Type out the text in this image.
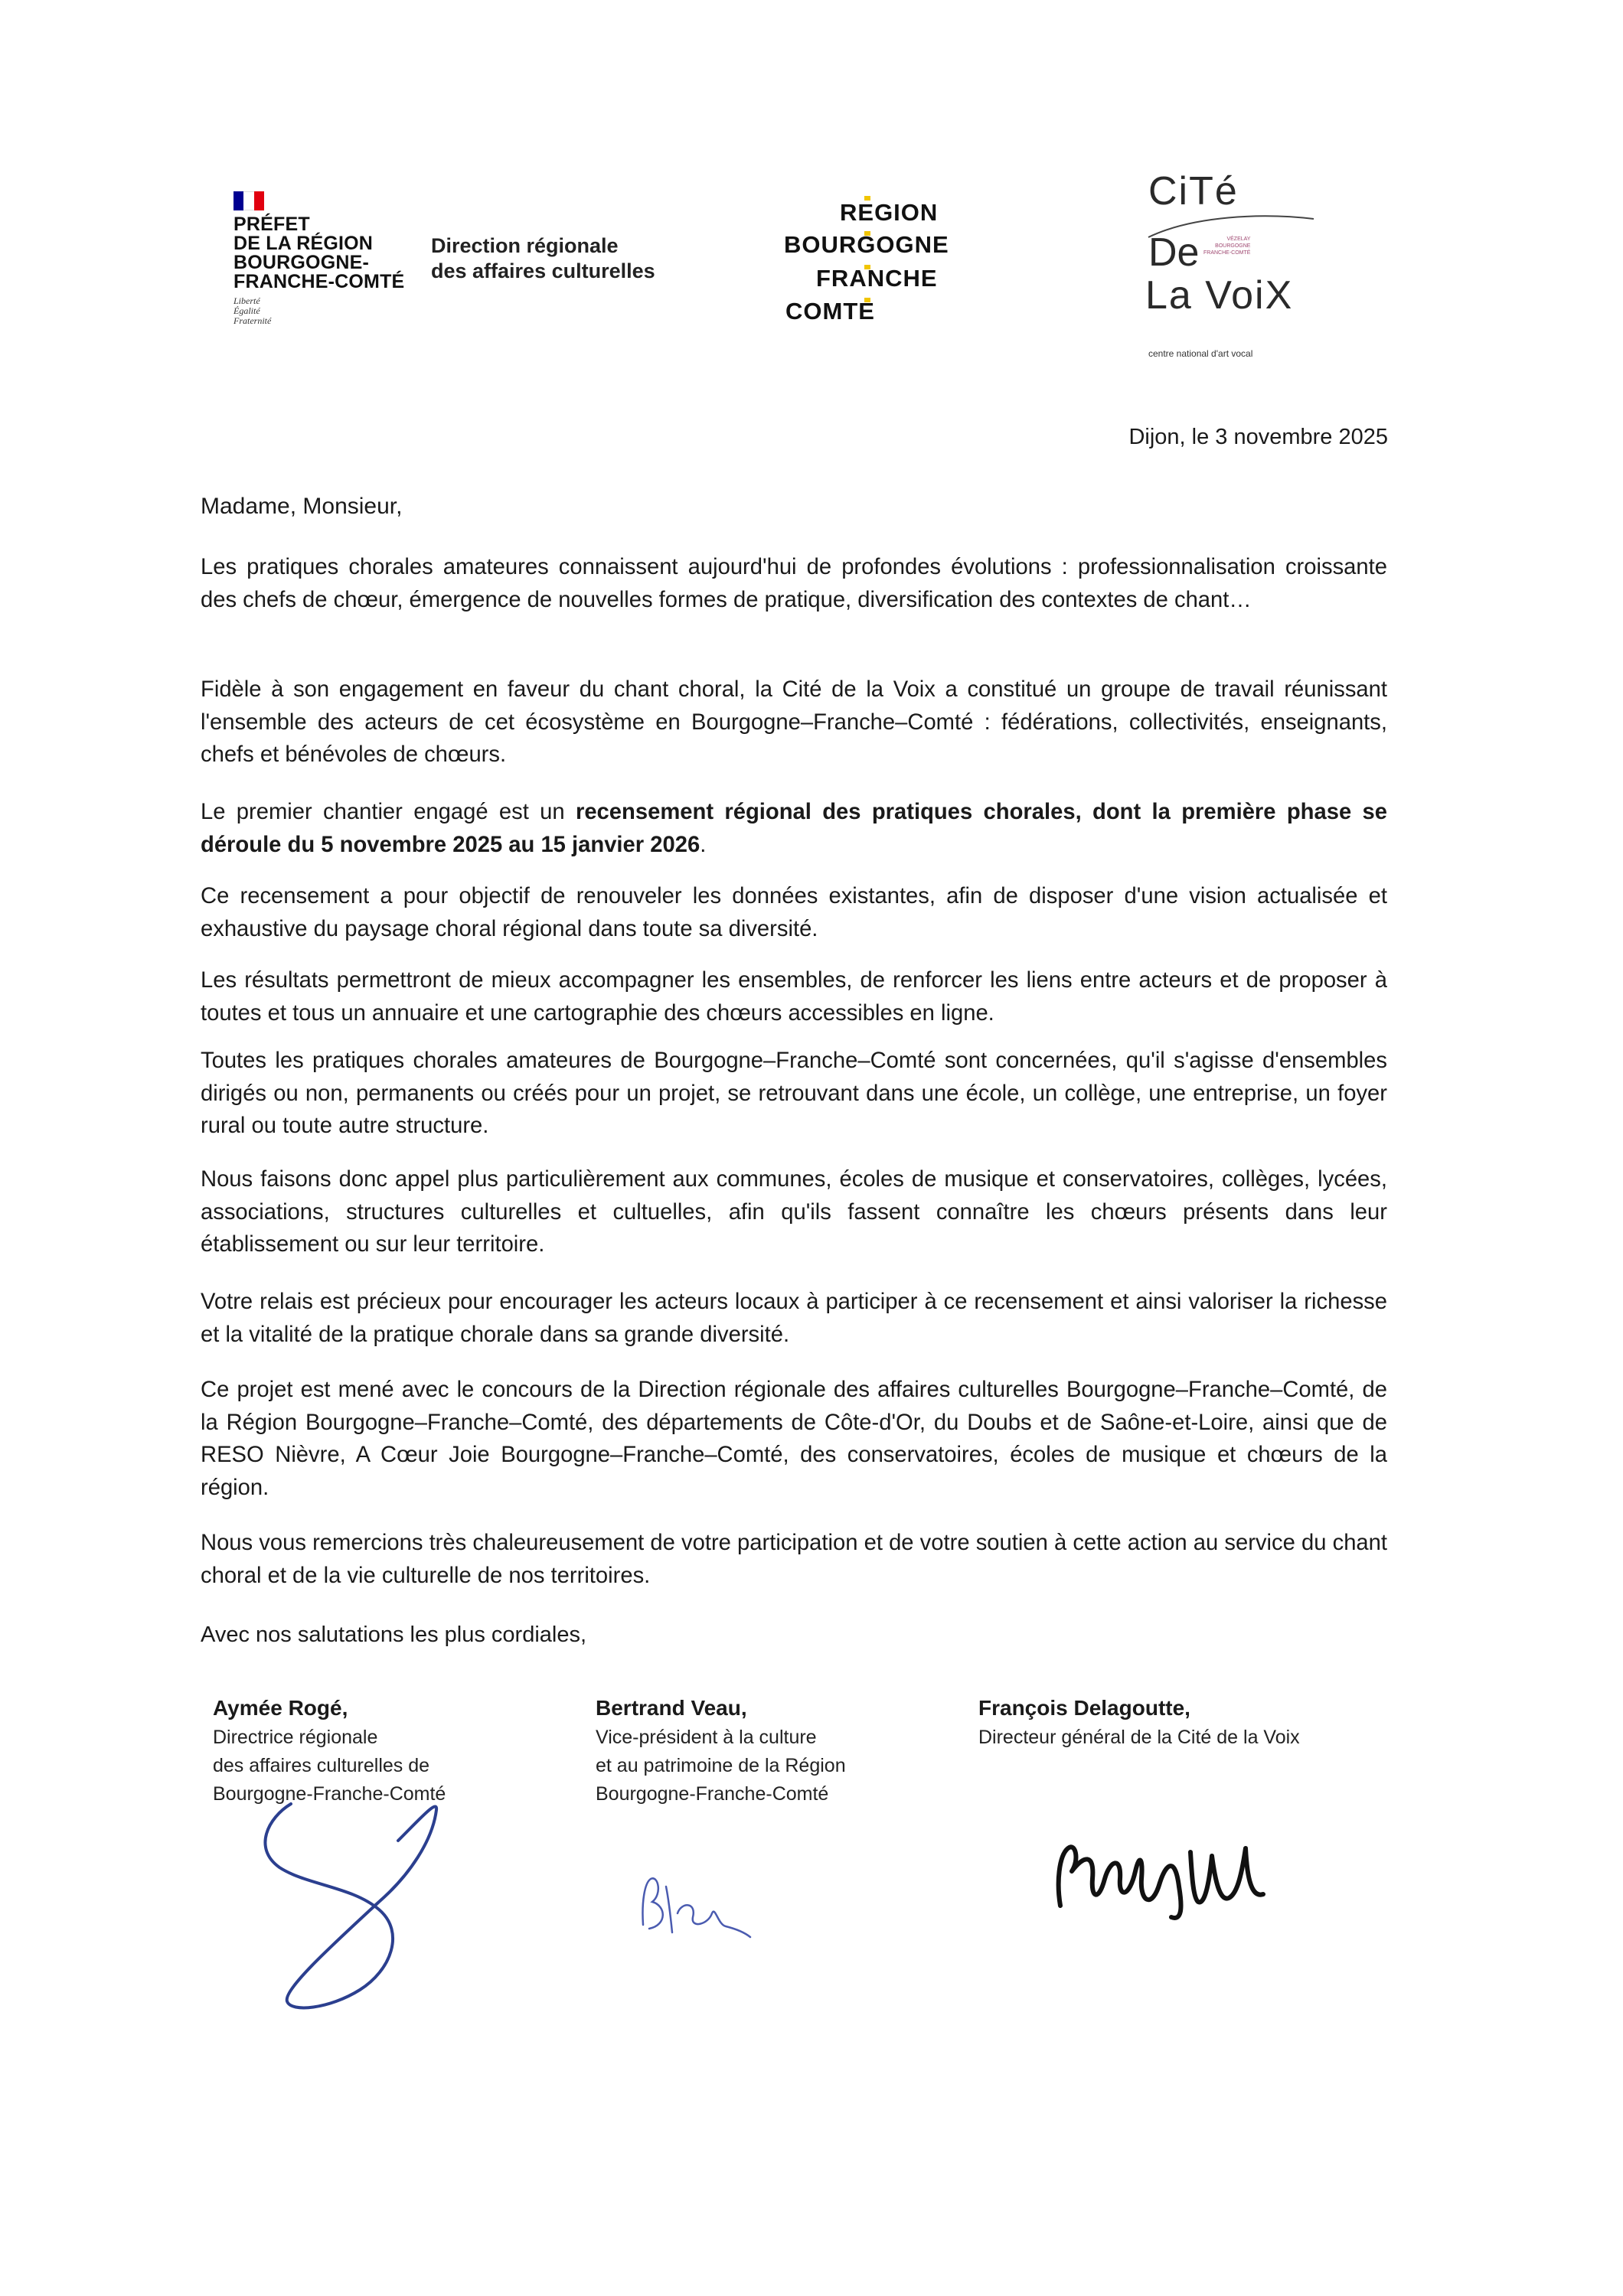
PRÉFET
DE LA RÉGION
BOURGOGNE-
FRANCHE-COMTÉ
Liberté
Égalité
Fraternité
Direction régionale
des affaires culturelles
REGION
BOURGOGNE
FRANCHE
COMTE
CiTé
De	VÉZELAY
BOURGOGNE
FRANCHE-COMTÉ
La VoiX
centre national d'art vocal
Dijon, le 3 novembre 2025
Madame, Monsieur,

Les pratiques chorales amateures connaissent aujourd'hui de profondes évolutions : professionnalisation croissante des chefs de chœur, émergence de nouvelles formes de pratique, diversification des contextes de chant…

Fidèle à son engagement en faveur du chant choral, la Cité de la Voix a constitué un groupe de travail réunissant l'ensemble des acteurs de cet écosystème en Bourgogne–Franche–Comté : fédérations, collectivités, enseignants, chefs et bénévoles de chœurs.

Le premier chantier engagé est un recensement régional des pratiques chorales, dont la première phase se déroule du 5 novembre 2025 au 15 janvier 2026.

Ce recensement a pour objectif de renouveler les données existantes, afin de disposer d'une vision actualisée et exhaustive du paysage choral régional dans toute sa diversité.

Les résultats permettront de mieux accompagner les ensembles, de renforcer les liens entre acteurs et de proposer à toutes et tous un annuaire et une cartographie des chœurs accessibles en ligne.

Toutes les pratiques chorales amateures de Bourgogne–Franche–Comté sont concernées, qu'il s'agisse d'ensembles dirigés ou non, permanents ou créés pour un projet, se retrouvant dans une école, un collège, une entreprise, un foyer rural ou toute autre structure.

Nous faisons donc appel plus particulièrement aux communes, écoles de musique et conservatoires, collèges, lycées, associations, structures culturelles et cultuelles, afin qu'ils fassent connaître les chœurs présents dans leur établissement ou sur leur territoire.

Votre relais est précieux pour encourager les acteurs locaux à participer à ce recensement et ainsi valoriser la richesse et la vitalité de la pratique chorale dans sa grande diversité.

Ce projet est mené avec le concours de la Direction régionale des affaires culturelles Bourgogne–Franche–Comté, de la Région Bourgogne–Franche–Comté, des départements de Côte-d'Or, du Doubs et de Saône-et-Loire, ainsi que de RESO Nièvre, A Cœur Joie Bourgogne–Franche–Comté, des conservatoires, écoles de musique et chœurs de la région.

Nous vous remercions très chaleureusement de votre participation et de votre soutien à cette action au service du chant choral et de la vie culturelle de nos territoires.

Avec nos salutations les plus cordiales,
Aymée Rogé,
Directrice régionale
des affaires culturelles de
Bourgogne-Franche-Comté
Bertrand Veau,
Vice-président à la culture
et au patrimoine de la Région
Bourgogne-Franche-Comté
François Delagoutte,
Directeur général de la Cité de la Voix
